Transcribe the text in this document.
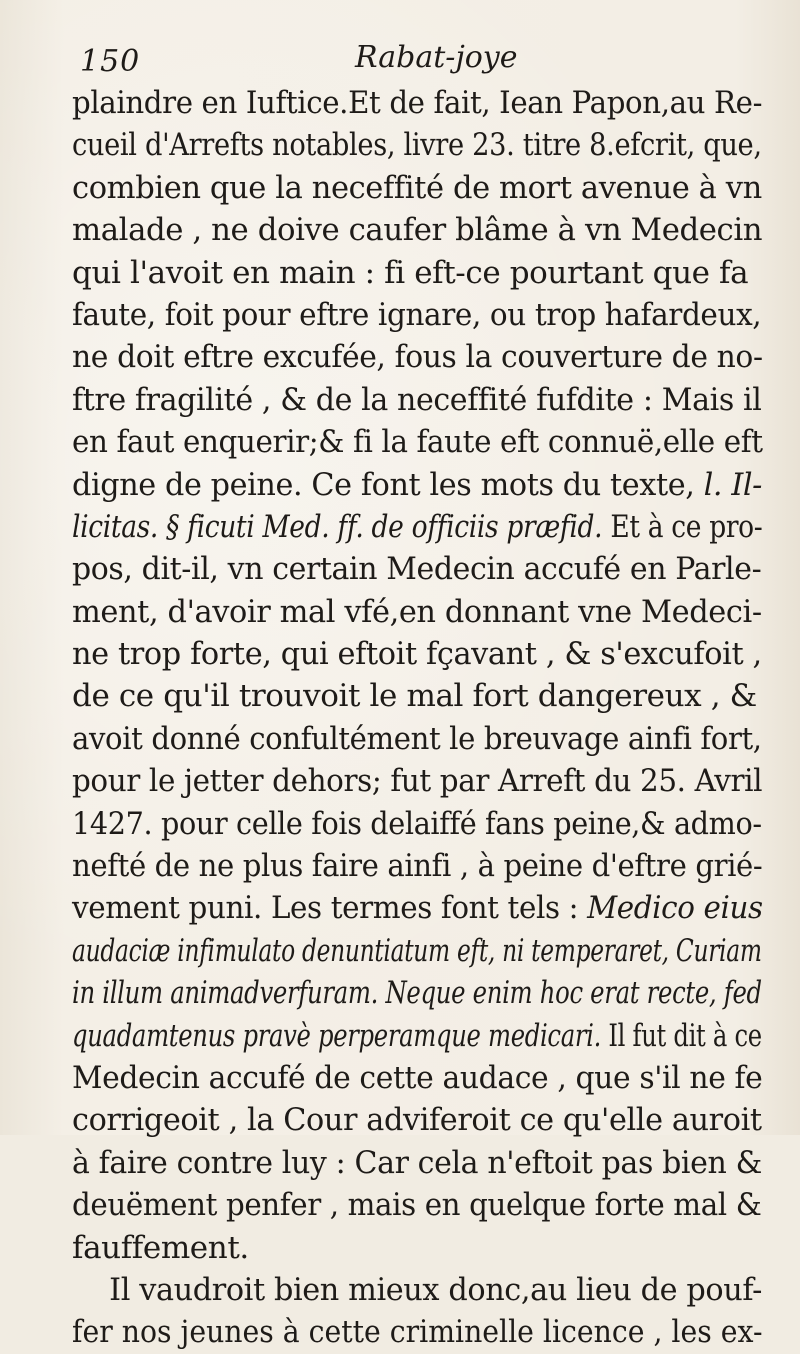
150	Rabat-joye
plaindre en Iuftice.Et de fait, Iean Papon,au Re-
cueil d'Arrefts notables, livre 23. titre 8.efcrit, que,
combien que la neceffité de mort avenue à vn
malade , ne doive caufer blâme à vn Medecin
qui l'avoit en main : fi eft-ce pourtant que fa
faute, foit pour eftre ignare, ou trop hafardeux,
ne doit eftre excufée, fous la couverture de no-
ftre fragilité , & de la neceffité fufdite : Mais il
en faut enquerir;& fi la faute eft connuë,elle eft
digne de peine. Ce font les mots du texte, l. Il-
licitas. § ficuti Med. ff. de officiis præfid. Et à ce pro-
pos, dit-il, vn certain Medecin accufé en Parle-
ment, d'avoir mal vfé,en donnant vne Medeci-
ne trop forte, qui eftoit fçavant , & s'excufoit ,
de ce qu'il trouvoit le mal fort dangereux , &
avoit donné confultément le breuvage ainfi fort,
pour le jetter dehors; fut par Arreft du 25. Avril
1427. pour celle fois delaiffé fans peine,& admo-
nefté de ne plus faire ainfi , à peine d'eftre grié-
vement puni. Les termes font tels : Medico eius
audaciæ infimulato denuntiatum eft, ni temperaret, Curiam
in illum animadverfuram. Neque enim hoc erat recte, fed
quadamtenus pravè perperamque medicari. Il fut dit à ce
Medecin accufé de cette audace , que s'il ne fe
corrigeoit , la Cour adviferoit ce qu'elle auroit
à faire contre luy : Car cela n'eftoit pas bien &
deuëment penfer , mais en quelque forte mal &
fauffement.
Il vaudroit bien mieux donc,au lieu de pouf-
fer nos jeunes à cette criminelle licence , les ex-
